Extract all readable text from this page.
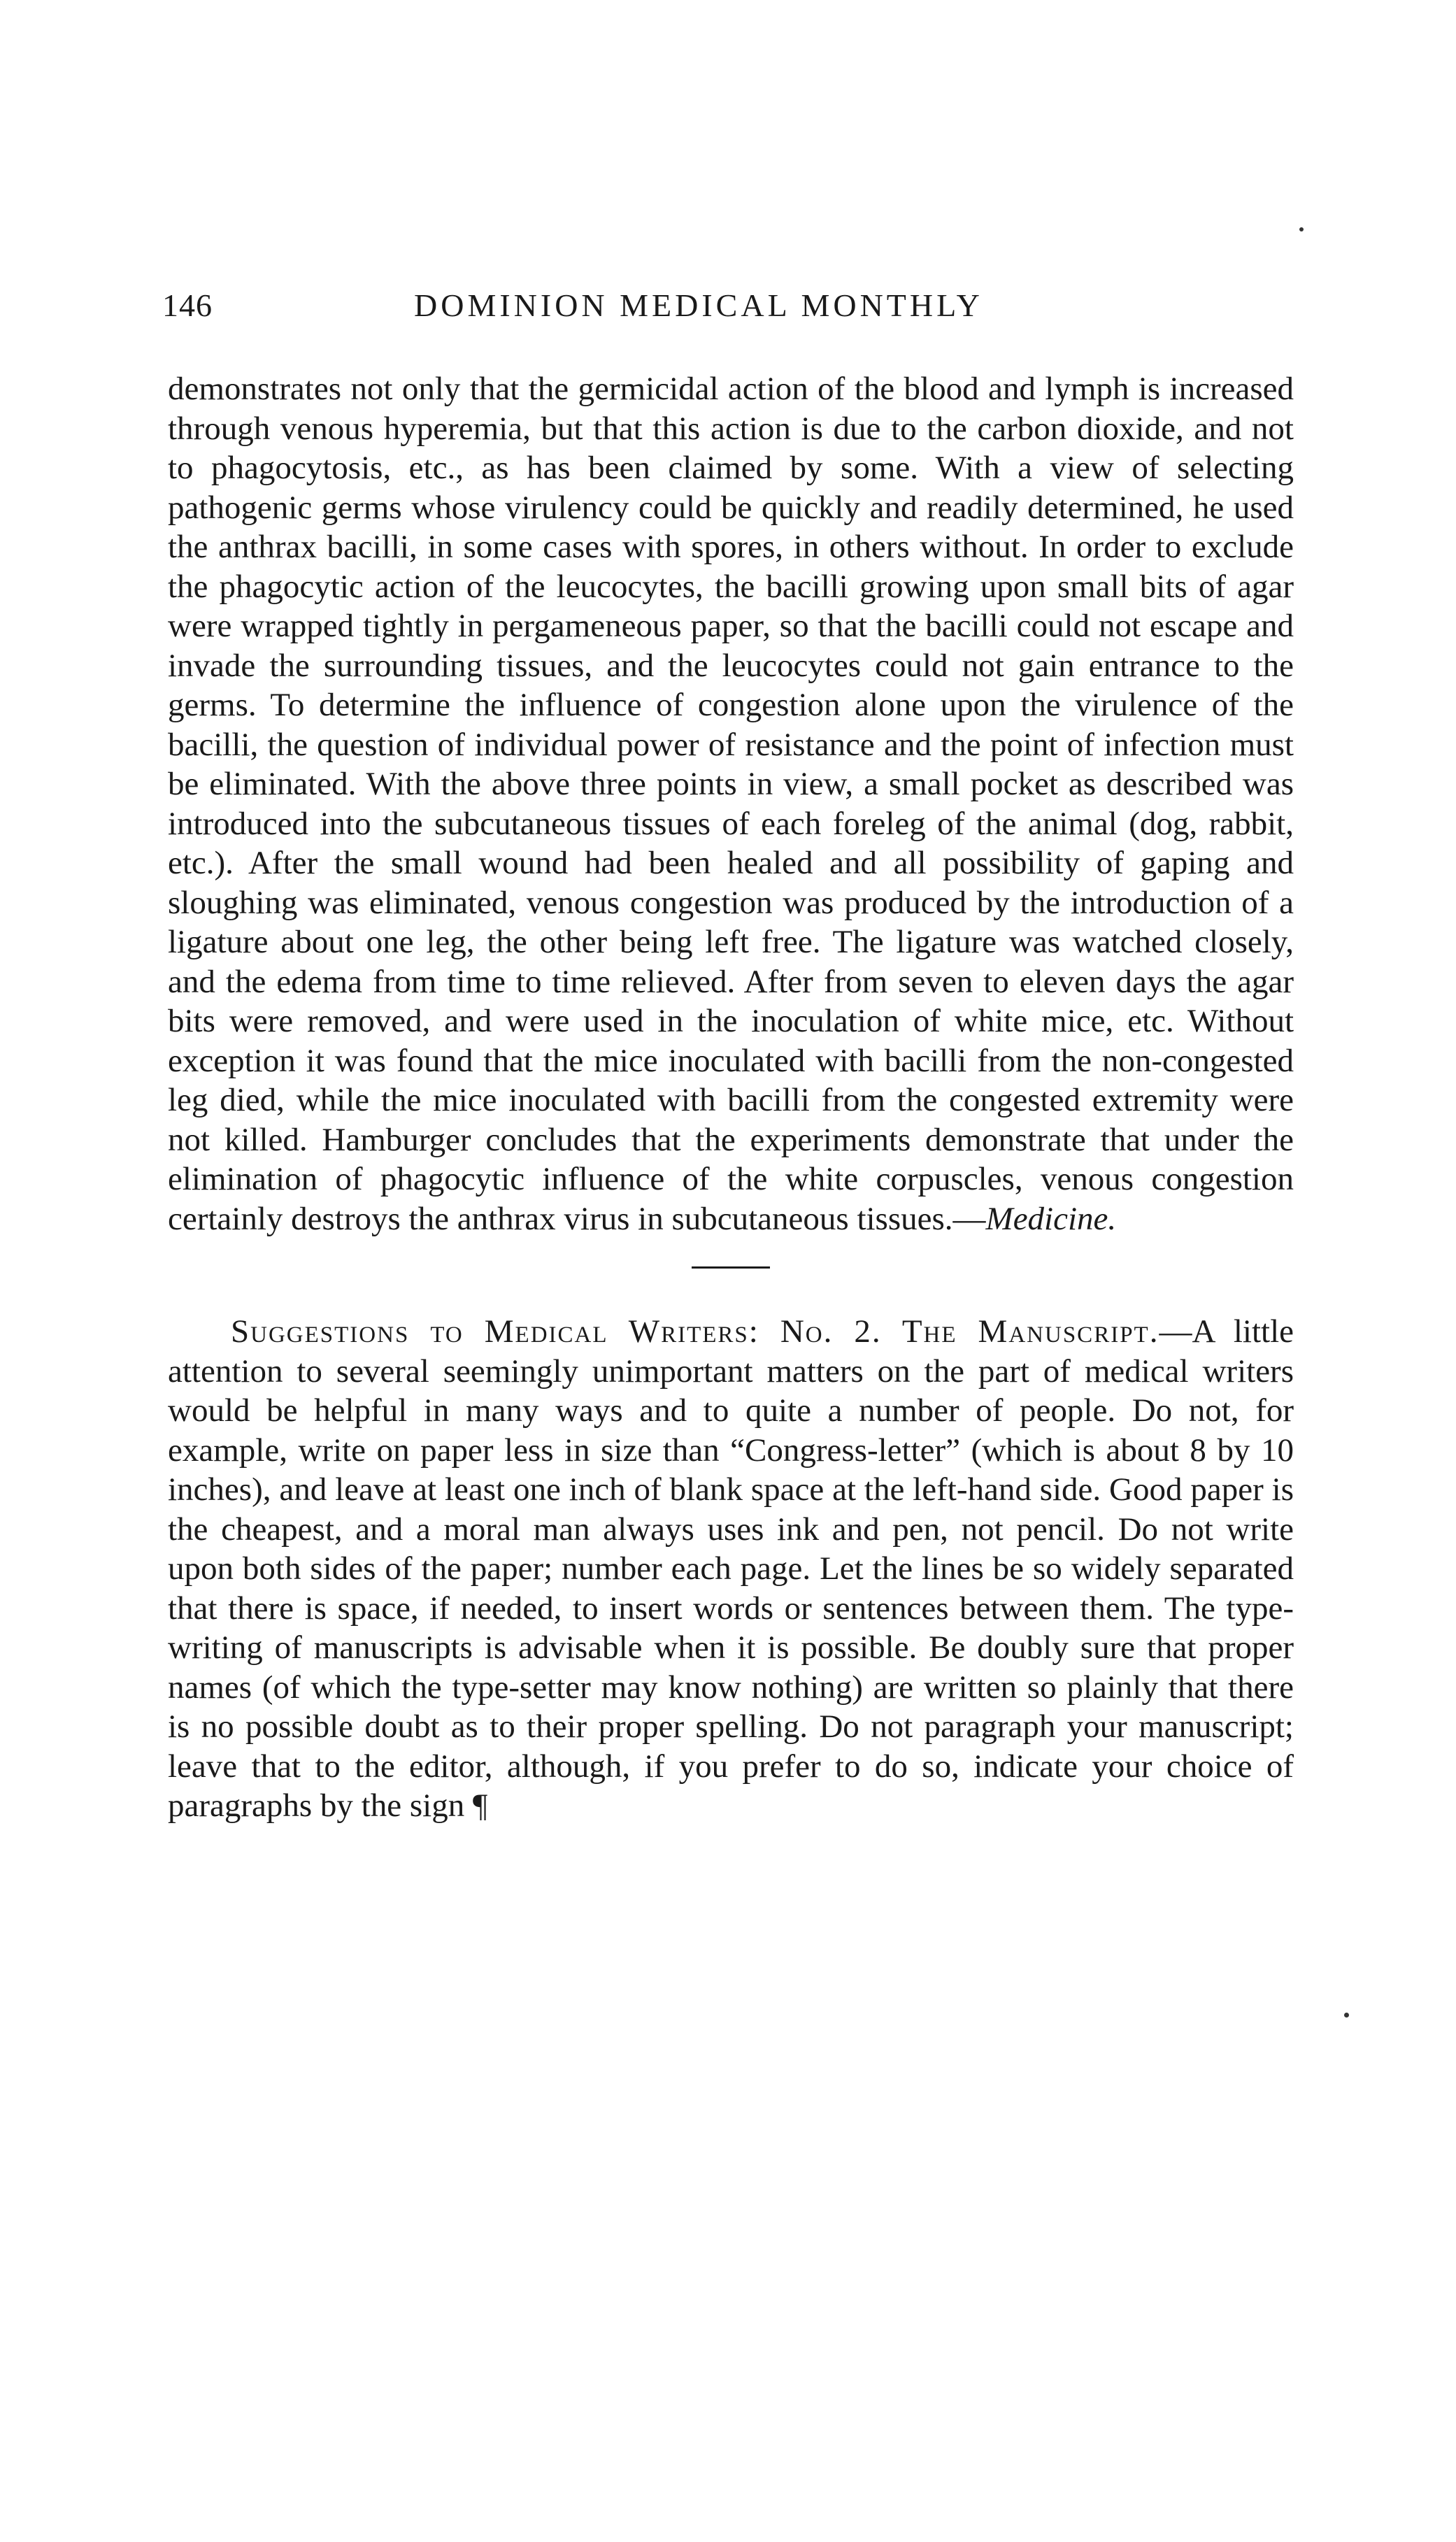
146	DOMINION MEDICAL MONTHLY

demonstrates not only that the germicidal action of the blood and lymph is increased through venous hyperemia, but that this action is due to the carbon dioxide, and not to phagocytosis, etc., as has been claimed by some. With a view of selecting pathogenic germs whose virulency could be quickly and readily determined, he used the anthrax bacilli, in some cases with spores, in others without. In order to exclude the phagocytic action of the leucocytes, the bacilli growing upon small bits of agar were wrapped tightly in pergameneous paper, so that the bacilli could not escape and invade the surrounding tissues, and the leucocytes could not gain entrance to the germs. To determine the influence of congestion alone upon the virulence of the bacilli, the question of individual power of resistance and the point of infection must be eliminated. With the above three points in view, a small pocket as described was introduced into the subcutaneous tissues of each foreleg of the animal (dog, rabbit, etc.). After the small wound had been healed and all possibility of gaping and sloughing was eliminated, venous congestion was produced by the introduction of a ligature about one leg, the other being left free. The ligature was watched closely, and the edema from time to time relieved. After from seven to eleven days the agar bits were removed, and were used in the inoculation of white mice, etc. Without exception it was found that the mice inoculated with bacilli from the non-congested leg died, while the mice inoculated with bacilli from the congested extremity were not killed. Hamburger concludes that the experiments demonstrate that under the elimination of phagocytic influence of the white corpuscles, venous congestion certainly destroys the anthrax virus in subcutaneous tissues.—Medicine.

Suggestions to Medical Writers: No. 2. The Manuscript.—A little attention to several seemingly unimportant matters on the part of medical writers would be helpful in many ways and to quite a number of people. Do not, for example, write on paper less in size than “Congress-letter” (which is about 8 by 10 inches), and leave at least one inch of blank space at the left-hand side. Good paper is the cheapest, and a moral man always uses ink and pen, not pencil. Do not write upon both sides of the paper; number each page. Let the lines be so widely separated that there is space, if needed, to insert words or sentences between them. The type-writing of manuscripts is advisable when it is possible. Be doubly sure that proper names (of which the type-setter may know nothing) are written so plainly that there is no possible doubt as to their proper spelling. Do not paragraph your manuscript; leave that to the editor, although, if you prefer to do so, indicate your choice of paragraphs by the sign ¶
